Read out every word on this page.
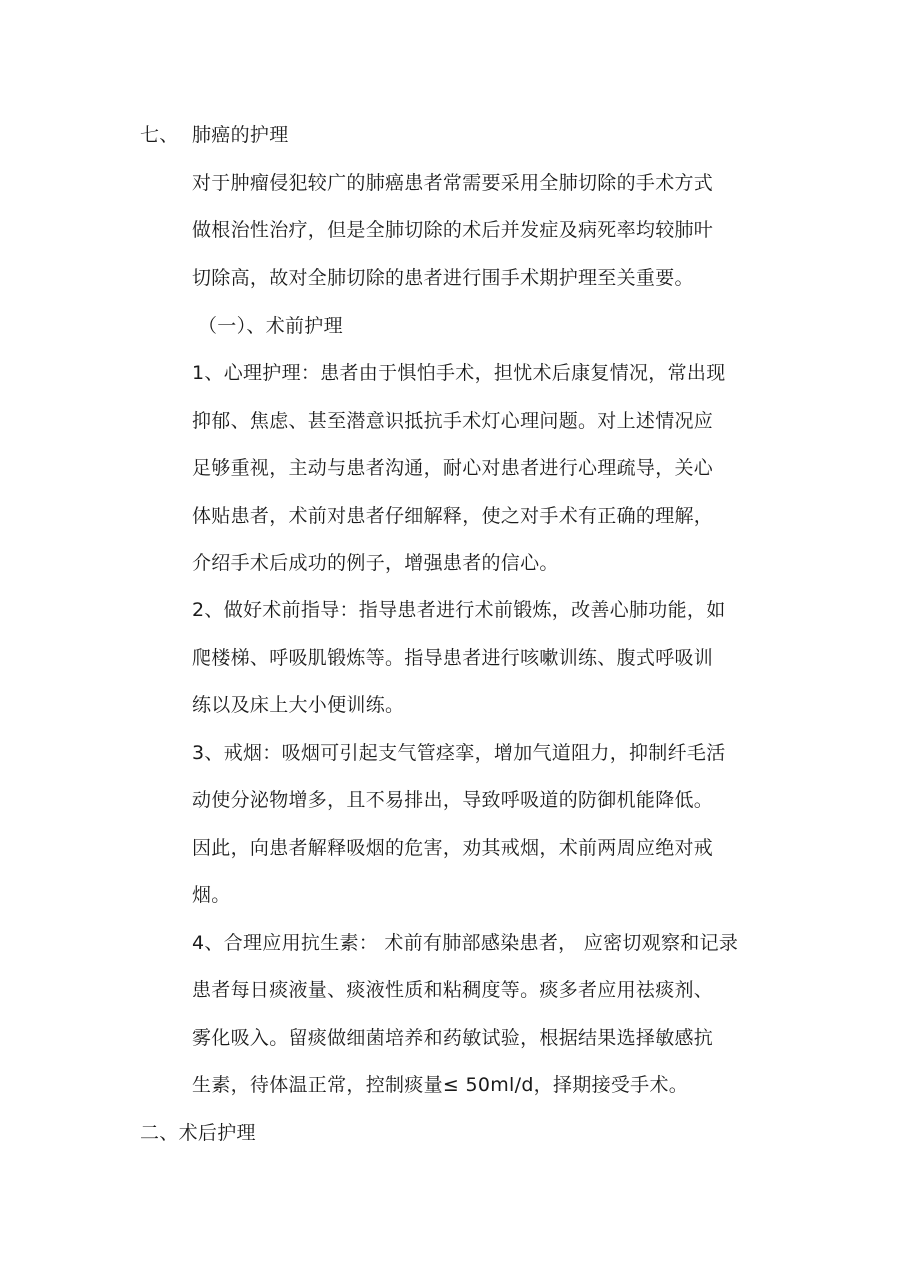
七、 肺癌的护理
对于肿瘤侵犯较广的肺癌患者常需要采用全肺切除的手术方式
做根治性治疗，但是全肺切除的术后并发症及病死率均较肺叶
切除高，故对全肺切除的患者进行围手术期护理至关重要。
（一）、术前护理
1、心理护理：患者由于惧怕手术，担忧术后康复情况，常出现
抑郁、焦虑、甚至潜意识抵抗手术灯心理问题。对上述情况应
足够重视，主动与患者沟通，耐心对患者进行心理疏导，关心
体贴患者，术前对患者仔细解释，使之对手术有正确的理解，
介绍手术后成功的例子，增强患者的信心。
2、做好术前指导：指导患者进行术前锻炼，改善心肺功能，如
爬楼梯、呼吸肌锻炼等。指导患者进行咳嗽训练、腹式呼吸训
练以及床上大小便训练。
3、戒烟：吸烟可引起支气管痉挛，增加气道阻力，抑制纤毛活
动使分泌物增多，且不易排出，导致呼吸道的防御机能降低。
因此，向患者解释吸烟的危害，劝其戒烟，术前两周应绝对戒
烟。
4、合理应用抗生素： 术前有肺部感染患者， 应密切观察和记录
患者每日痰液量、痰液性质和粘稠度等。痰多者应用祛痰剂、
雾化吸入。留痰做细菌培养和药敏试验，根据结果选择敏感抗
生素，待体温正常，控制痰量≤ 50ml/d，择期接受手术。
二、术后护理
